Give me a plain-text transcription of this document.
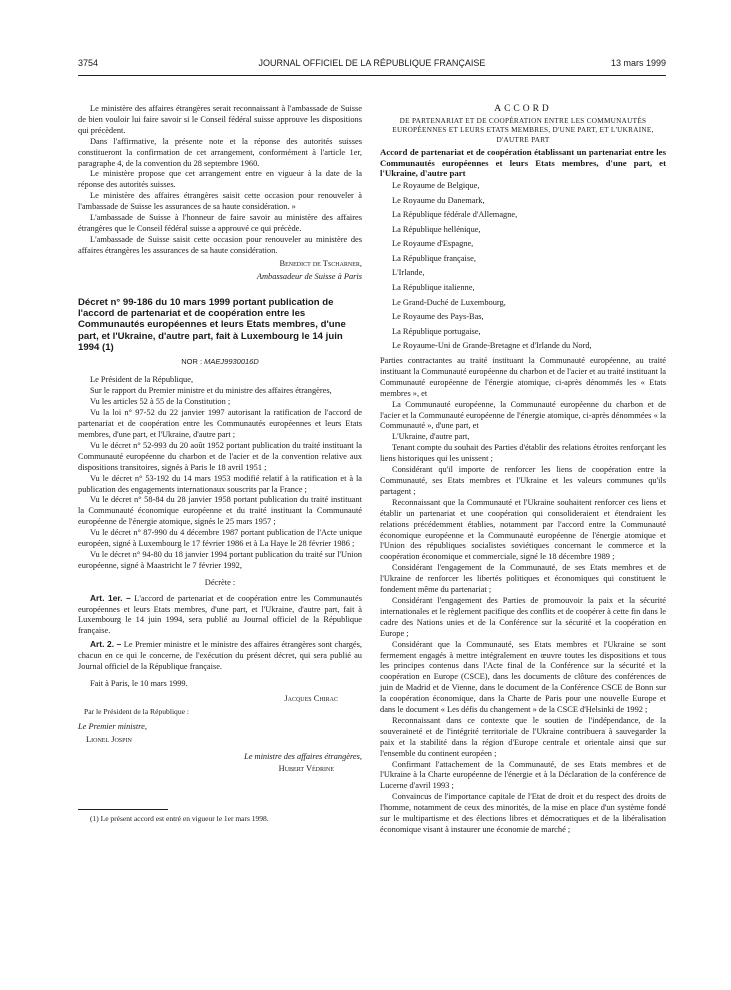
3754	JOURNAL OFFICIEL DE LA RÉPUBLIQUE FRANÇAISE	13 mars 1999

Le ministère des affaires étrangères serait reconnaissant à l'ambassade de Suisse de bien vouloir lui faire savoir si le Conseil fédéral suisse approuve les dispositions qui précèdent.

Dans l'affirmative, la présente note et la réponse des autorités suisses constitueront la confirmation de cet arrangement, conformément à l'article 1er, paragraphe 4, de la convention du 28 septembre 1960.

Le ministère propose que cet arrangement entre en vigueur à la date de la réponse des autorités suisses.

Le ministère des affaires étrangères saisit cette occasion pour renouveler à l'ambassade de Suisse les assurances de sa haute considération. »

L'ambassade de Suisse à l'honneur de faire savoir au ministère des affaires étrangères que le Conseil fédéral suisse a approuvé ce qui précède.

L'ambassade de Suisse saisit cette occasion pour renouveler au ministère des affaires étrangères les assurances de sa haute considération.

Benedict de Tscharner,

Ambassadeur de Suisse à Paris

Décret n° 99-186 du 10 mars 1999 portant publication de l'accord de partenariat et de coopération entre les Communautés européennes et leurs Etats membres, d'une part, et l'Ukraine, d'autre part, fait à Luxembourg le 14 juin 1994 (1)
NOR : MAEJ9930016D

Le Président de la République,

Sur le rapport du Premier ministre et du ministre des affaires étrangères,

Vu les articles 52 à 55 de la Constitution ;

Vu la loi n° 97-52 du 22 janvier 1997 autorisant la ratification de l'accord de partenariat et de coopération entre les Communautés européennes et leurs Etats membres, d'une part, et l'Ukraine, d'autre part ;

Vu le décret n° 52-993 du 20 août 1952 portant publication du traité instituant la Communauté européenne du charbon et de l'acier et de la convention relative aux dispositions transitoires, signés à Paris le 18 avril 1951 ;

Vu le décret n° 53-192 du 14 mars 1953 modifié relatif à la ratification et à la publication des engagements internationaux souscrits par la France ;

Vu le décret n° 58-84 du 28 janvier 1958 portant publication du traité instituant la Communauté économique européenne et du traité instituant la Communauté européenne de l'énergie atomique, signés le 25 mars 1957 ;

Vu le décret n° 87-990 du 4 décembre 1987 portant publication de l'Acte unique européen, signé à Luxembourg le 17 février 1986 et à La Haye le 28 février 1986 ;

Vu le décret n° 94-80 du 18 janvier 1994 portant publication du traité sur l'Union européenne, signé à Maastricht le 7 février 1992,

Décrète :

Art. 1er. – L'accord de partenariat et de coopération entre les Communautés européennes et leurs Etats membres, d'une part, et l'Ukraine, d'autre part, fait à Luxembourg le 14 juin 1994, sera publié au Journal officiel de la République française.

Art. 2. – Le Premier ministre et le ministre des affaires étrangères sont chargés, chacun en ce qui le concerne, de l'exécution du présent décret, qui sera publié au Journal officiel de la République française.

Fait à Paris, le 10 mars 1999.

Jacques Chirac

Par le Président de la République :

Le Premier ministre,

Lionel Jospin

Le ministre des affaires étrangères,

Hubert Védrine

(1) Le présent accord est entré en vigueur le 1er mars 1998.

ACCORD

DE PARTENARIAT ET DE COOPÉRATION ENTRE LES COMMUNAUTÉS EUROPÉENNES ET LEURS ETATS MEMBRES, D'UNE PART, ET L'UKRAINE, D'AUTRE PART

Accord de partenariat et de coopération établissant un partenariat entre les Communautés européennes et leurs Etats membres, d'une part, et l'Ukraine, d'autre part

Le Royaume de Belgique,

Le Royaume du Danemark,

La République fédérale d'Allemagne,

La République hellénique,

Le Royaume d'Espagne,

La République française,

L'Irlande,

La République italienne,

Le Grand-Duché de Luxembourg,

Le Royaume des Pays-Bas,

La République portugaise,

Le Royaume-Uni de Grande-Bretagne et d'Irlande du Nord,

Parties contractantes au traité instituant la Communauté européenne, au traité instituant la Communauté européenne du charbon et de l'acier et au traité instituant la Communauté européenne de l'énergie atomique, ci-après dénommés les « Etats membres », et

La Communauté européenne, la Communauté européenne du charbon et de l'acier et la Communauté européenne de l'énergie atomique, ci-après dénommées « la Communauté », d'une part, et

L'Ukraine, d'autre part,

Tenant compte du souhait des Parties d'établir des relations étroites renforçant les liens historiques qui les unissent ;

Considérant qu'il importe de renforcer les liens de coopération entre la Communauté, ses Etats membres et l'Ukraine et les valeurs communes qu'ils partagent ;

Reconnaissant que la Communauté et l'Ukraine souhaitent renforcer ces liens et établir un partenariat et une coopération qui consolideraient et étendraient les relations précédemment établies, notamment par l'accord entre la Communauté économique européenne et la Communauté européenne de l'énergie atomique et l'Union des républiques socialistes soviétiques concernant le commerce et la coopération économique et commerciale, signé le 18 décembre 1989 ;

Considérant l'engagement de la Communauté, de ses Etats membres et de l'Ukraine de renforcer les libertés politiques et économiques qui constituent le fondement même du partenariat ;

Considérant l'engagement des Parties de promouvoir la paix et la sécurité internationales et le règlement pacifique des conflits et de coopérer à cette fin dans le cadre des Nations unies et de la Conférence sur la sécurité et la coopération en Europe ;

Considérant que la Communauté, ses Etats membres et l'Ukraine se sont fermement engagés à mettre intégralement en œuvre toutes les dispositions et tous les principes contenus dans l'Acte final de la Conférence sur la sécurité et la coopération en Europe (CSCE), dans les documents de clôture des conférences de juin de Madrid et de Vienne, dans le document de la Conférence CSCE de Bonn sur la coopération économique, dans la Charte de Paris pour une nouvelle Europe et dans le document « Les défis du changement » de la CSCE d'Helsinki de 1992 ;

Reconnaissant dans ce contexte que le soutien de l'indépendance, de la souveraineté et de l'intégrité territoriale de l'Ukraine contribuera à sauvegarder la paix et la stabilité dans la région d'Europe centrale et orientale ainsi que sur l'ensemble du continent européen ;

Confirmant l'attachement de la Communauté, de ses Etats membres et de l'Ukraine à la Charte européenne de l'énergie et à la Déclaration de la conférence de Lucerne d'avril 1993 ;

Convaincus de l'importance capitale de l'Etat de droit et du respect des droits de l'homme, notamment de ceux des minorités, de la mise en place d'un système fondé sur le multipartisme et des élections libres et démocratiques et de la libéralisation économique visant à instaurer une économie de marché ;
